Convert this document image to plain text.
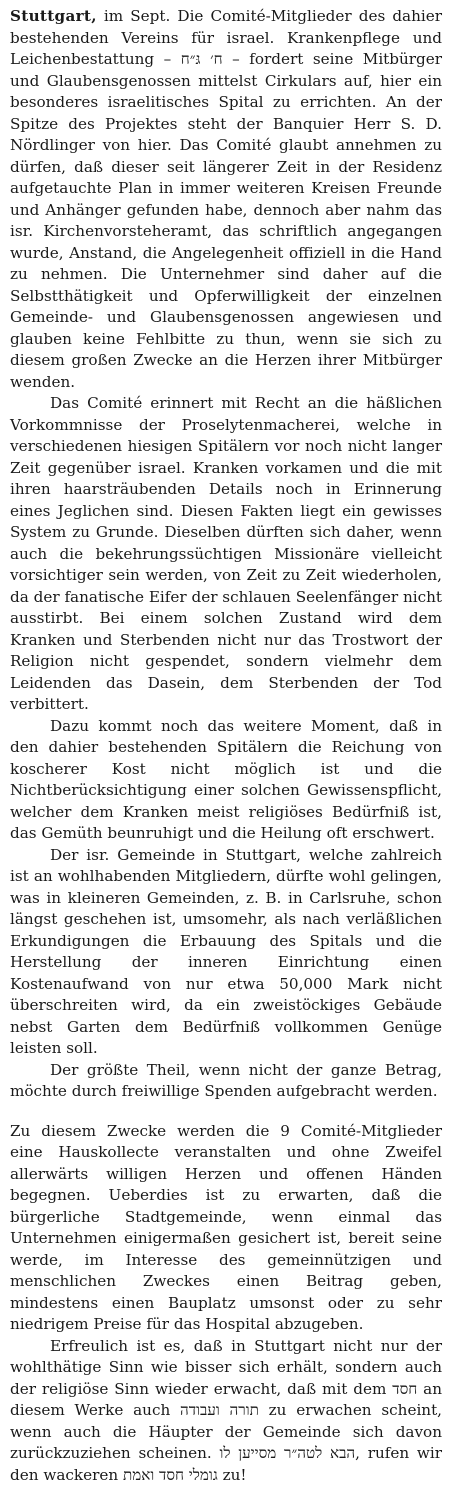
Stuttgart, im Sept. Die Comité-Mitglieder des dahier bestehenden Vereins für israel. Krankenpflege und Leichenbestattung – ח׳ גּ״ח – fordert seine Mitbürger und Glaubensgenossen mittelst Cirkulars auf, hier ein besonderes israelitisches Spital zu errichten. An der Spitze des Projektes steht der Banquier Herr S. D. Nördlinger von hier. Das Comité glaubt annehmen zu dürfen, daß dieser seit längerer Zeit in der Residenz aufgetauchte Plan in immer weiteren Kreisen Freunde und Anhänger gefunden habe, dennoch aber nahm das isr. Kirchenvorsteheramt, das schriftlich angegangen wurde, Anstand, die Angelegenheit offiziell in die Hand zu nehmen. Die Unternehmer sind daher auf die Selbstthätigkeit und Opferwilligkeit der einzelnen Gemeinde- und Glaubensgenossen angewiesen und glauben keine Fehlbitte zu thun, wenn sie sich zu diesem großen Zwecke an die Herzen ihrer Mitbürger wenden.

Das Comité erinnert mit Recht an die häßlichen Vorkommnisse der Proselytenmacherei, welche in verschiedenen hiesigen Spitälern vor noch nicht langer Zeit gegenüber israel. Kranken vorkamen und die mit ihren haarsträubenden Details noch in Erinnerung eines Jeglichen sind. Diesen Fakten liegt ein gewisses System zu Grunde. Dieselben dürften sich daher, wenn auch die bekehrungssüchtigen Missionäre vielleicht vorsichtiger sein werden, von Zeit zu Zeit wiederholen, da der fanatische Eifer der schlauen Seelenfänger nicht ausstirbt. Bei einem solchen Zustand wird dem Kranken und Sterbenden nicht nur das Trostwort der Religion nicht gespendet, sondern vielmehr dem Leidenden das Dasein, dem Sterbenden der Tod verbittert.

Dazu kommt noch das weitere Moment, daß in den dahier bestehenden Spitälern die Reichung von koscherer Kost nicht möglich ist und die Nichtberücksichtigung einer solchen Gewissenspflicht, welcher dem Kranken meist religiöses Bedürfniß ist, das Gemüth beunruhigt und die Heilung oft erschwert.

Der isr. Gemeinde in Stuttgart, welche zahlreich ist an wohlhabenden Mitgliedern, dürfte wohl gelingen, was in kleineren Gemeinden, z. B. in Carlsruhe, schon längst geschehen ist, umsomehr, als nach verläßlichen Erkundigungen die Erbauung des Spitals und die Herstellung der inneren Einrichtung einen Kostenaufwand von nur etwa 50,000 Mark nicht überschreiten wird, da ein zweistöckiges Gebäude nebst Garten dem Bedürfniß vollkommen Genüge leisten soll.

Der größte Theil, wenn nicht der ganze Betrag, möchte durch freiwillige Spenden aufgebracht werden.

Zu diesem Zwecke werden die 9 Comité-Mitglieder eine Hauskollecte veranstalten und ohne Zweifel allerwärts willigen Herzen und offenen Händen begegnen. Ueberdies ist zu erwarten, daß die bürgerliche Stadtgemeinde, wenn einmal das Unternehmen einigermaßen gesichert ist, bereit seine werde, im Interesse des gemeinnützigen und menschlichen Zweckes einen Beitrag geben, mindestens einen Bauplatz umsonst oder zu sehr niedrigem Preise für das Hospital abzugeben.

Erfreulich ist es, daß in Stuttgart nicht nur der wohlthätige Sinn wie bisser sich erhält, sondern auch der religiöse Sinn wieder erwacht, daß mit dem חסד an diesem Werke auch תורה ועבודה zu erwachen scheint, wenn auch die Häupter der Gemeinde sich davon zurückzuziehen scheinen. הבא לטה״ר מסייען לו, rufen wir den wackeren גומלי חסד ואמת zu!
